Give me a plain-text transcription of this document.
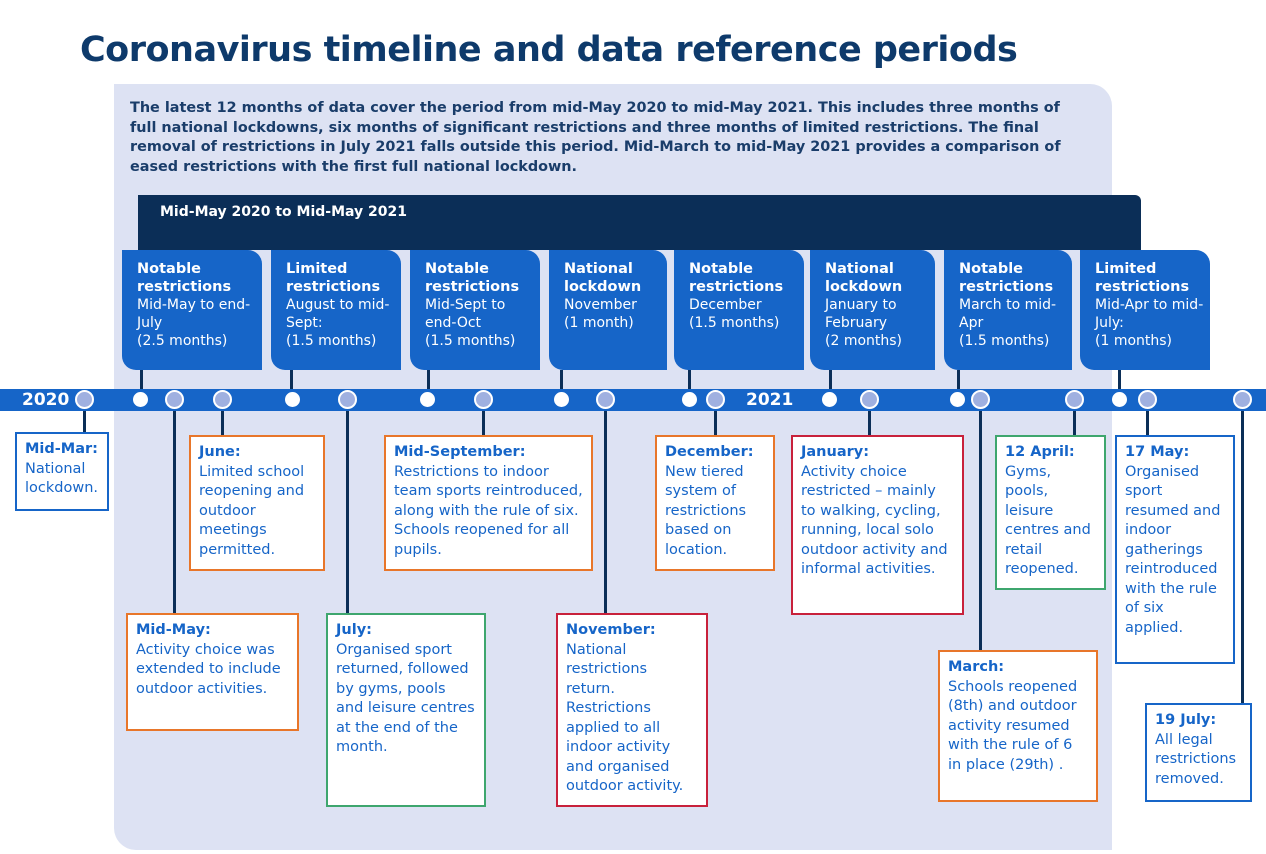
Coronavirus timeline and data reference periods
The latest 12 months of data cover the period from mid-May 2020 to mid-May 2021. This includes three months of full national lockdowns, six months of significant restrictions and three months of limited restrictions. The final removal of restrictions in July 2021 falls outside this period. Mid-March to mid-May 2021 provides a comparison of eased restrictions with the first full national lockdown.
Mid-May 2020 to Mid-May 2021
Notable restrictions
Mid-May to end-July
(2.5 months)
Limited restrictions
August to mid-Sept:
(1.5 months)
Notable restrictions
Mid-Sept to end-Oct
(1.5 months)
National lockdown
November
(1 month)
Notable restrictions
December
(1.5 months)
National lockdown
January to February
(2 months)
Notable restrictions
March to mid-Apr
(1.5 months)
Limited restrictions
Mid-Apr to mid-July:
(1 months)
2020	2021
Mid-Mar:
National lockdown.
June:
Limited school reopening and outdoor meetings permitted.
Mid-May:
Activity choice was extended to include outdoor activities.
July:
Organised sport returned, followed by gyms, pools and leisure centres at the end of the month.
Mid-September:
Restrictions to indoor team sports reintroduced, along with the rule of six. Schools reopened for all pupils.
November:
National restrictions return. Restrictions applied to all indoor activity and organised outdoor activity.
December:
New tiered system of restrictions based on location.
January:
Activity choice restricted – mainly to walking, cycling, running, local solo outdoor activity and informal activities.
12 April:
Gyms, pools, leisure centres and retail reopened.
March:
Schools reopened (8th) and outdoor activity resumed with the rule of 6 in place (29th) .
17 May:
Organised sport resumed and indoor gatherings reintroduced with the rule of six applied.
19 July:
All legal restrictions removed.
